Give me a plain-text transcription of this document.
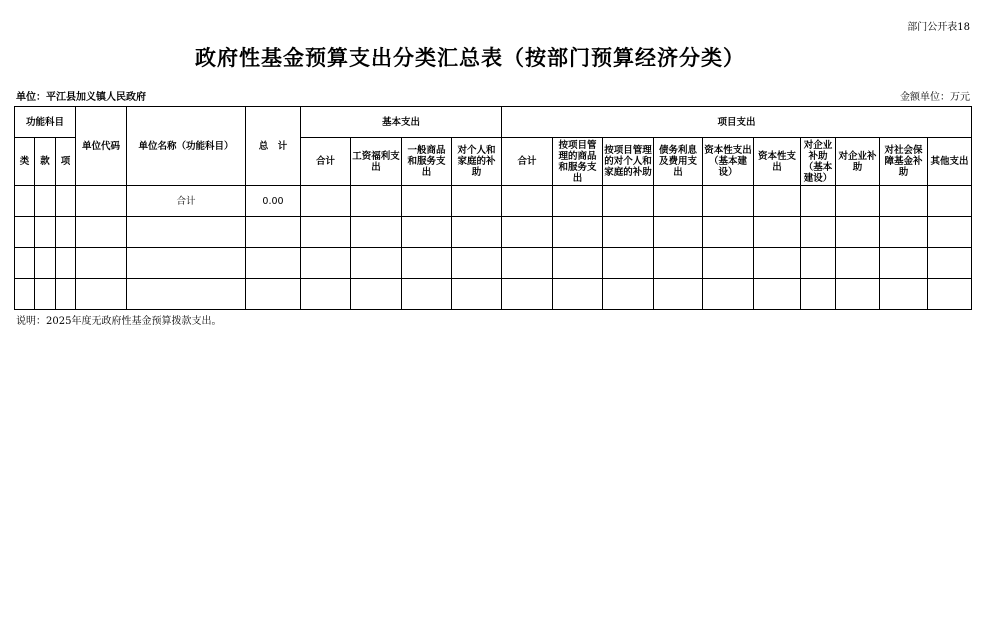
部门公开表18
政府性基金预算支出分类汇总表（按部门预算经济分类）
单位：平江县加义镇人民政府	金额单位：万元
功能科目			单位代码	单位名称（功能科目）	总　计	基本支出				项目支出									
类	款	项				合计	工资福利支出	一般商品和服务支出	对个人和家庭的补助	合计	按项目管理的商品和服务支出	按项目管理的对个人和家庭的补助	债务利息及费用支出	资本性支出（基本建设）	资本性支出	对企业补助（基本建设）	对企业补助	对社会保障基金补助	其他支出
				合计	0.00														

说明：2025年度无政府性基金预算拨款支出。
